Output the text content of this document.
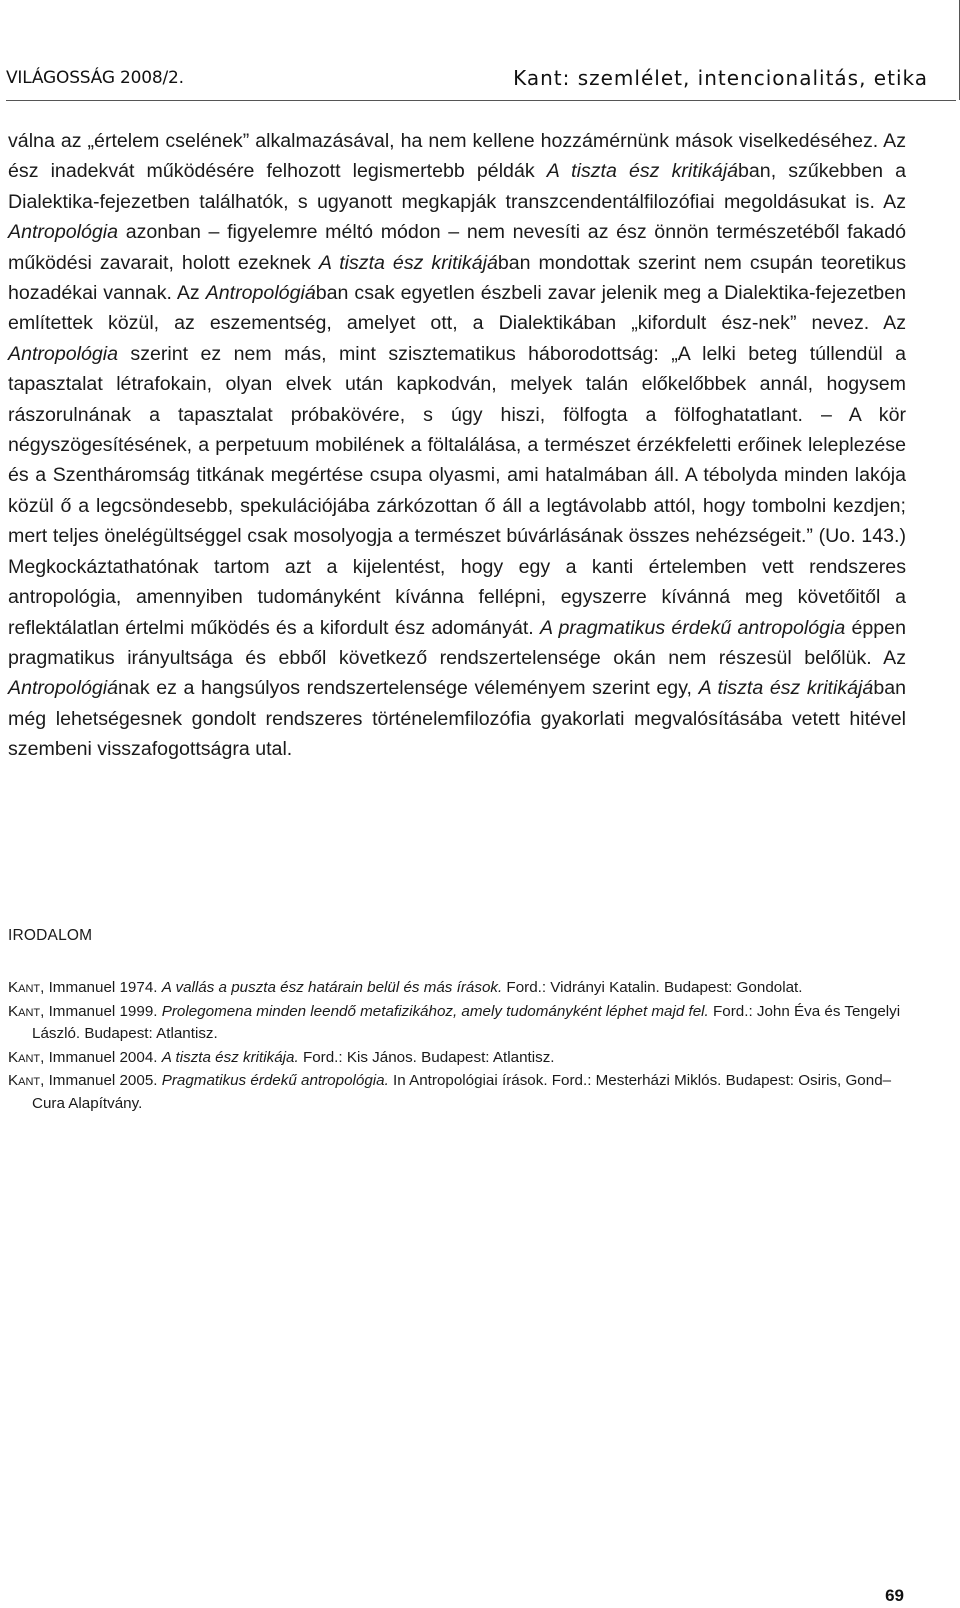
VILÁGOSSÁG 2008/2.	Kant: szemlélet, intencionalitás, etika

válna az „értelem cselének” alkalmazásával, ha nem kellene hozzámérnünk mások viselkedéséhez. Az ész inadekvát működésére felhozott legismertebb példák A tiszta ész kritikájában, szűkebben a Dialektika-fejezetben találhatók, s ugyanott megkapják transzcendentálfilozófiai megoldásukat is. Az Antropológia azonban – figyelemre méltó módon – nem nevesíti az ész önnön természetéből fakadó működési zavarait, holott ezeknek A tiszta ész kritikájában mondottak szerint nem csupán teoretikus hozadékai vannak. Az Antropológiában csak egyetlen észbeli zavar jelenik meg a Dialektika-fejezetben említettek közül, az eszementség, amelyet ott, a Dialektikában „kifordult ész-nek” nevez. Az Antropológia szerint ez nem más, mint szisztematikus háborodottság: „A lelki beteg túllendül a tapasztalat létrafokain, olyan elvek után kapkodván, melyek talán előkelőbbek annál, hogysem rászorulnának a tapasztalat próbakövére, s úgy hiszi, fölfogta a fölfoghatatlant. – A kör négyszögesítésének, a perpetuum mobilének a föltalálása, a természet érzékfeletti erőinek leleplezése és a Szentháromság titkának megértése csupa olyasmi, ami hatalmában áll. A tébolyda minden lakója közül ő a legcsöndesebb, spekulációjába zárkózottan ő áll a legtávolabb attól, hogy tombolni kezdjen; mert teljes önelégültséggel csak mosolyogja a természet búvárlásának összes nehézségeit.” (Uo. 143.) Megkockáztathatónak tartom azt a kijelentést, hogy egy a kanti értelemben vett rendszeres antropológia, amennyiben tudományként kívánna fellépni, egyszerre kívánná meg követőitől a reflektálatlan értelmi működés és a kifordult ész adományát. A pragmatikus érdekű antropológia éppen pragmatikus irányultsága és ebből következő rendszertelensége okán nem részesül belőlük. Az Antropológiának ez a hangsúlyos rendszertelensége véleményem szerint egy, A tiszta ész kritikájában még lehetségesnek gondolt rendszeres történelemfilozófia gyakorlati megvalósításába vetett hitével szembeni visszafogottságra utal.

IRODALOM

Kant, Immanuel 1974. A vallás a puszta ész határain belül és más írások. Ford.: Vidrányi Katalin. Budapest: Gondolat.

Kant, Immanuel 1999. Prolegomena minden leendő metafizikához, amely tudományként léphet majd fel. Ford.: John Éva és Tengelyi László. Budapest: Atlantisz.

Kant, Immanuel 2004. A tiszta ész kritikája. Ford.: Kis János. Budapest: Atlantisz.

Kant, Immanuel 2005. Pragmatikus érdekű antropológia. In Antropológiai írások. Ford.: Mesterházi Miklós. Budapest: Osiris, Gond–Cura Alapítvány.

69
